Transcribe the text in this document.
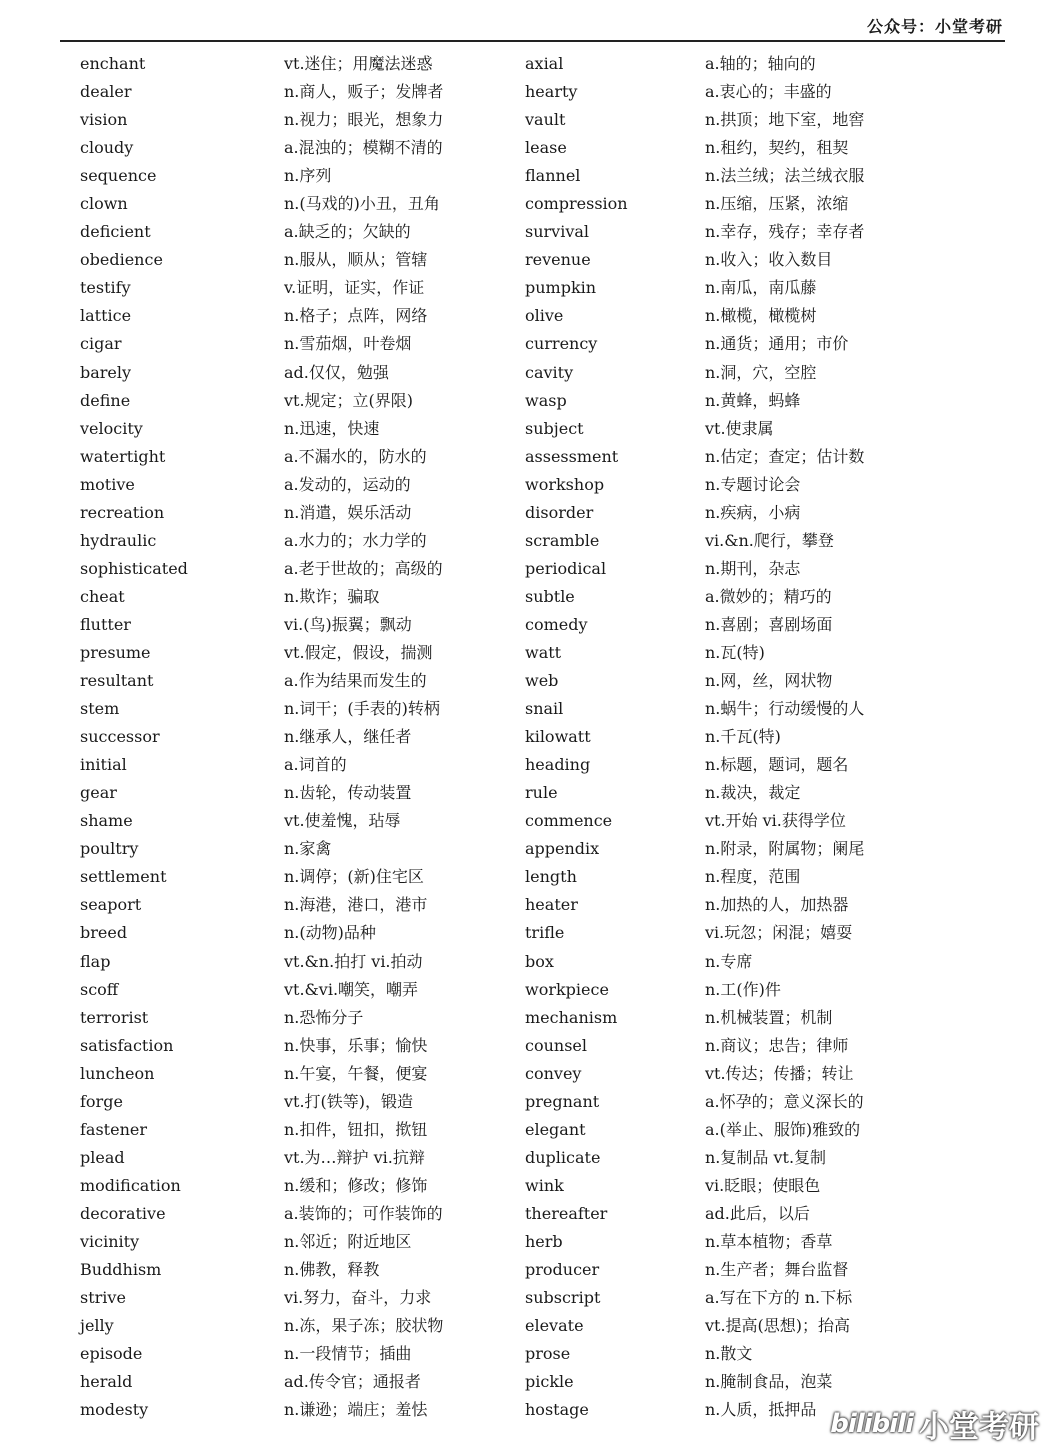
公众号：小堂考研
enchant	vt.迷住；用魔法迷惑	axial	a.轴的；轴向的
dealer	n.商人，贩子；发牌者	hearty	a.衷心的；丰盛的
vision	n.视力；眼光，想象力	vault	n.拱顶；地下室，地窖
cloudy	a.混浊的；模糊不清的	lease	n.租约，契约，租契
sequence	n.序列	flannel	n.法兰绒；法兰绒衣服
clown	n.(马戏的)小丑，丑角	compression	n.压缩，压紧，浓缩
deficient	a.缺乏的；欠缺的	survival	n.幸存，残存；幸存者
obedience	n.服从，顺从；管辖	revenue	n.收入；收入数目
testify	v.证明，证实，作证	pumpkin	n.南瓜，南瓜藤
lattice	n.格子；点阵，网络	olive	n.橄榄，橄榄树
cigar	n.雪茄烟，叶卷烟	currency	n.通货；通用；市价
barely	ad.仅仅，勉强	cavity	n.洞，穴，空腔
define	vt.规定；立(界限)	wasp	n.黄蜂，蚂蜂
velocity	n.迅速，快速	subject	vt.使隶属
watertight	a.不漏水的，防水的	assessment	n.估定；查定；估计数
motive	a.发动的，运动的	workshop	n.专题讨论会
recreation	n.消遣，娱乐活动	disorder	n.疾病，小病
hydraulic	a.水力的；水力学的	scramble	vi.&n.爬行，攀登
sophisticated	a.老于世故的；高级的	periodical	n.期刊，杂志
cheat	n.欺诈；骗取	subtle	a.微妙的；精巧的
flutter	vi.(鸟)振翼；飘动	comedy	n.喜剧；喜剧场面
presume	vt.假定，假设，揣测	watt	n.瓦(特)
resultant	a.作为结果而发生的	web	n.网，丝，网状物
stem	n.词干；(手表的)转柄	snail	n.蜗牛；行动缓慢的人
successor	n.继承人，继任者	kilowatt	n.千瓦(特)
initial	a.词首的	heading	n.标题，题词，题名
gear	n.齿轮，传动装置	rule	n.裁决，裁定
shame	vt.使羞愧，玷辱	commence	vt.开始 vi.获得学位
poultry	n.家禽	appendix	n.附录，附属物；阑尾
settlement	n.调停；(新)住宅区	length	n.程度，范围
seaport	n.海港，港口，港市	heater	n.加热的人，加热器
breed	n.(动物)品种	trifle	vi.玩忽；闲混；嬉耍
flap	vt.&n.拍打 vi.拍动	box	n.专席
scoff	vt.&vi.嘲笑，嘲弄	workpiece	n.工(作)件
terrorist	n.恐怖分子	mechanism	n.机械装置；机制
satisfaction	n.快事，乐事；愉快	counsel	n.商议；忠告；律师
luncheon	n.午宴，午餐，便宴	convey	vt.传达；传播；转让
forge	vt.打(铁等)，锻造	pregnant	a.怀孕的；意义深长的
fastener	n.扣件，钮扣，揿钮	elegant	a.(举止、服饰)雅致的
plead	vt.为…辩护 vi.抗辩	duplicate	n.复制品 vt.复制
modification	n.缓和；修改；修饰	wink	vi.眨眼；使眼色
decorative	a.装饰的；可作装饰的	thereafter	ad.此后，以后
vicinity	n.邻近；附近地区	herb	n.草本植物；香草
Buddhism	n.佛教，释教	producer	n.生产者；舞台监督
strive	vi.努力，奋斗，力求	subscript	a.写在下方的 n.下标
jelly	n.冻，果子冻；胶状物	elevate	vt.提高(思想)；抬高
episode	n.一段情节；插曲	prose	n.散文
herald	ad.传令官；通报者	pickle	n.腌制食品，泡菜
modesty	n.谦逊；端庄；羞怯	hostage	n.人质，抵押品 bilibili 小堂考研
